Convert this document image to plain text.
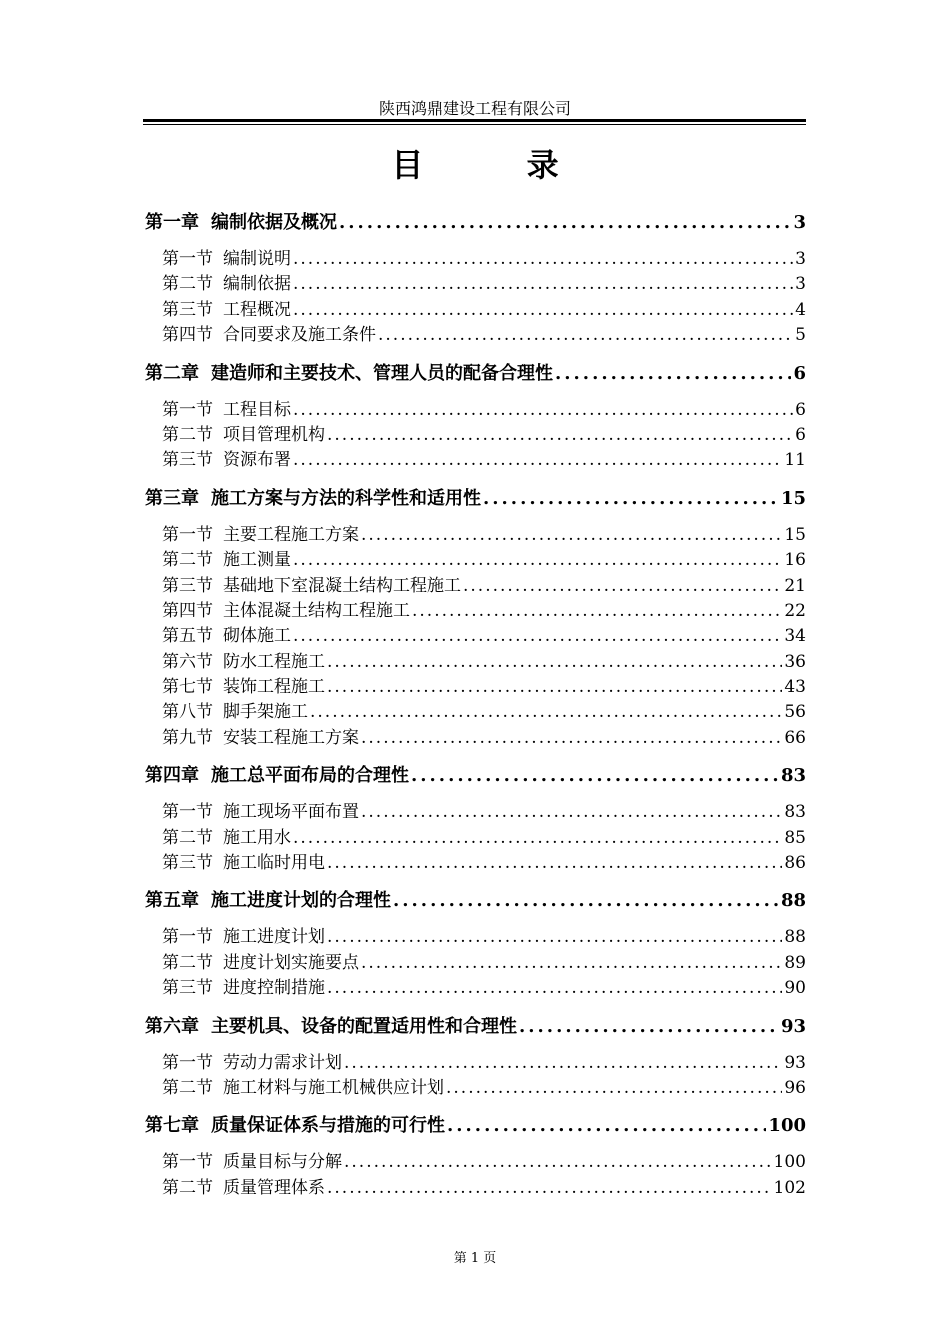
陕西鸿鼎建设工程有限公司
目 录
第一章 编制依据及概况 .....	3
第一节 编制说明 .....	3
第二节 编制依据 .....	3
第三节 工程概况 .....	4
第四节 合同要求及施工条件 .....	5
第二章 建造师和主要技术、管理人员的配备合理性 .....	6
第一节 工程目标 .....	6
第二节 项目管理机构 .....	6
第三节 资源布署 .....	11
第三章 施工方案与方法的科学性和适用性 .....	15
第一节 主要工程施工方案 .....	15
第二节 施工测量 .....	16
第三节 基础地下室混凝土结构工程施工 .....	21
第四节 主体混凝土结构工程施工 .....	22
第五节 砌体施工 .....	34
第六节 防水工程施工 .....	36
第七节 装饰工程施工 .....	43
第八节 脚手架施工 .....	56
第九节 安装工程施工方案 .....	66
第四章 施工总平面布局的合理性 .....	83
第一节 施工现场平面布置 .....	83
第二节 施工用水 .....	85
第三节 施工临时用电 .....	86
第五章 施工进度计划的合理性 .....	88
第一节 施工进度计划 .....	88
第二节 进度计划实施要点 .....	89
第三节 进度控制措施 .....	90
第六章 主要机具、设备的配置适用性和合理性 .....	93
第一节 劳动力需求计划 .....	93
第二节 施工材料与施工机械供应计划 .....	96
第七章 质量保证体系与措施的可行性 .....	100
第一节 质量目标与分解 .....	100
第二节 质量管理体系 .....	102
第 1 页
